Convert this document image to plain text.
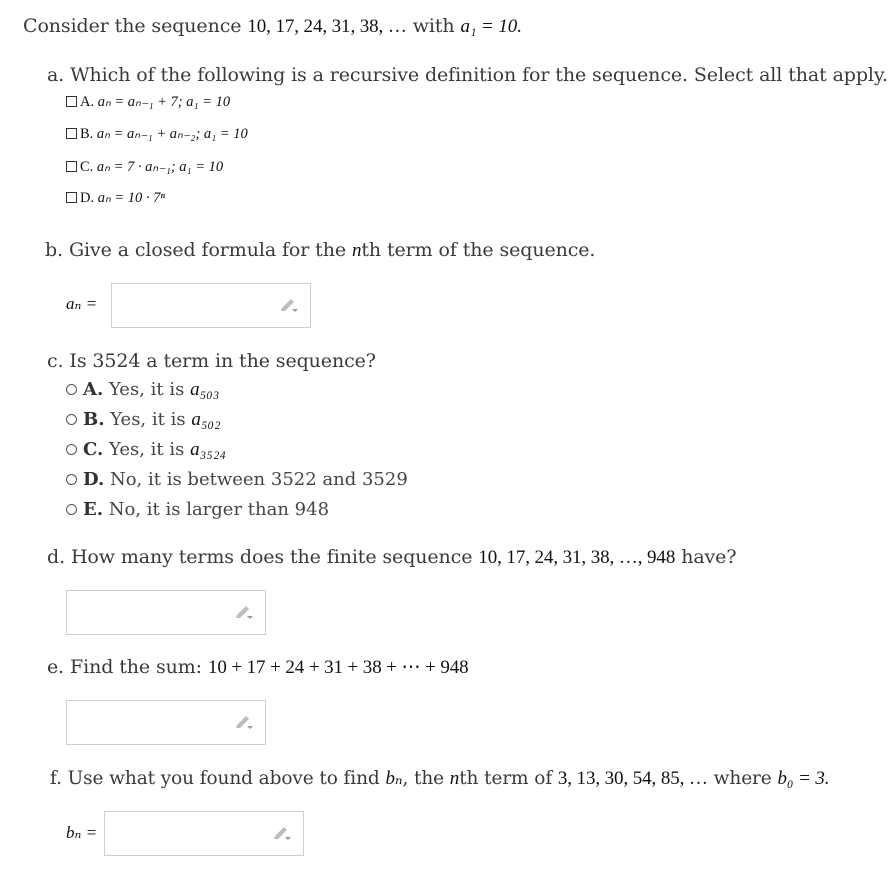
Consider the sequence 10, 17, 24, 31, 38, … with a₁ = 10.
a. Which of the following is a recursive definition for the sequence. Select all that apply.
A. aₙ = aₙ₋₁ + 7; a₁ = 10
B. aₙ = aₙ₋₁ + aₙ₋₂; a₁ = 10
C. aₙ = 7 · aₙ₋₁; a₁ = 10
D. aₙ = 10 · 7ⁿ
b. Give a closed formula for the nth term of the sequence.
aₙ =
c. Is 3524 a term in the sequence?
A. Yes, it is a₅₀₃
B. Yes, it is a₅₀₂
C. Yes, it is a₃₅₂₄
D. No, it is between 3522 and 3529
E. No, it is larger than 948
d. How many terms does the finite sequence 10, 17, 24, 31, 38, …, 948 have?
e. Find the sum: 10 + 17 + 24 + 31 + 38 + ⋯ + 948
f. Use what you found above to find bₙ, the nth term of 3, 13, 30, 54, 85, … where b₀ = 3.
bₙ =
